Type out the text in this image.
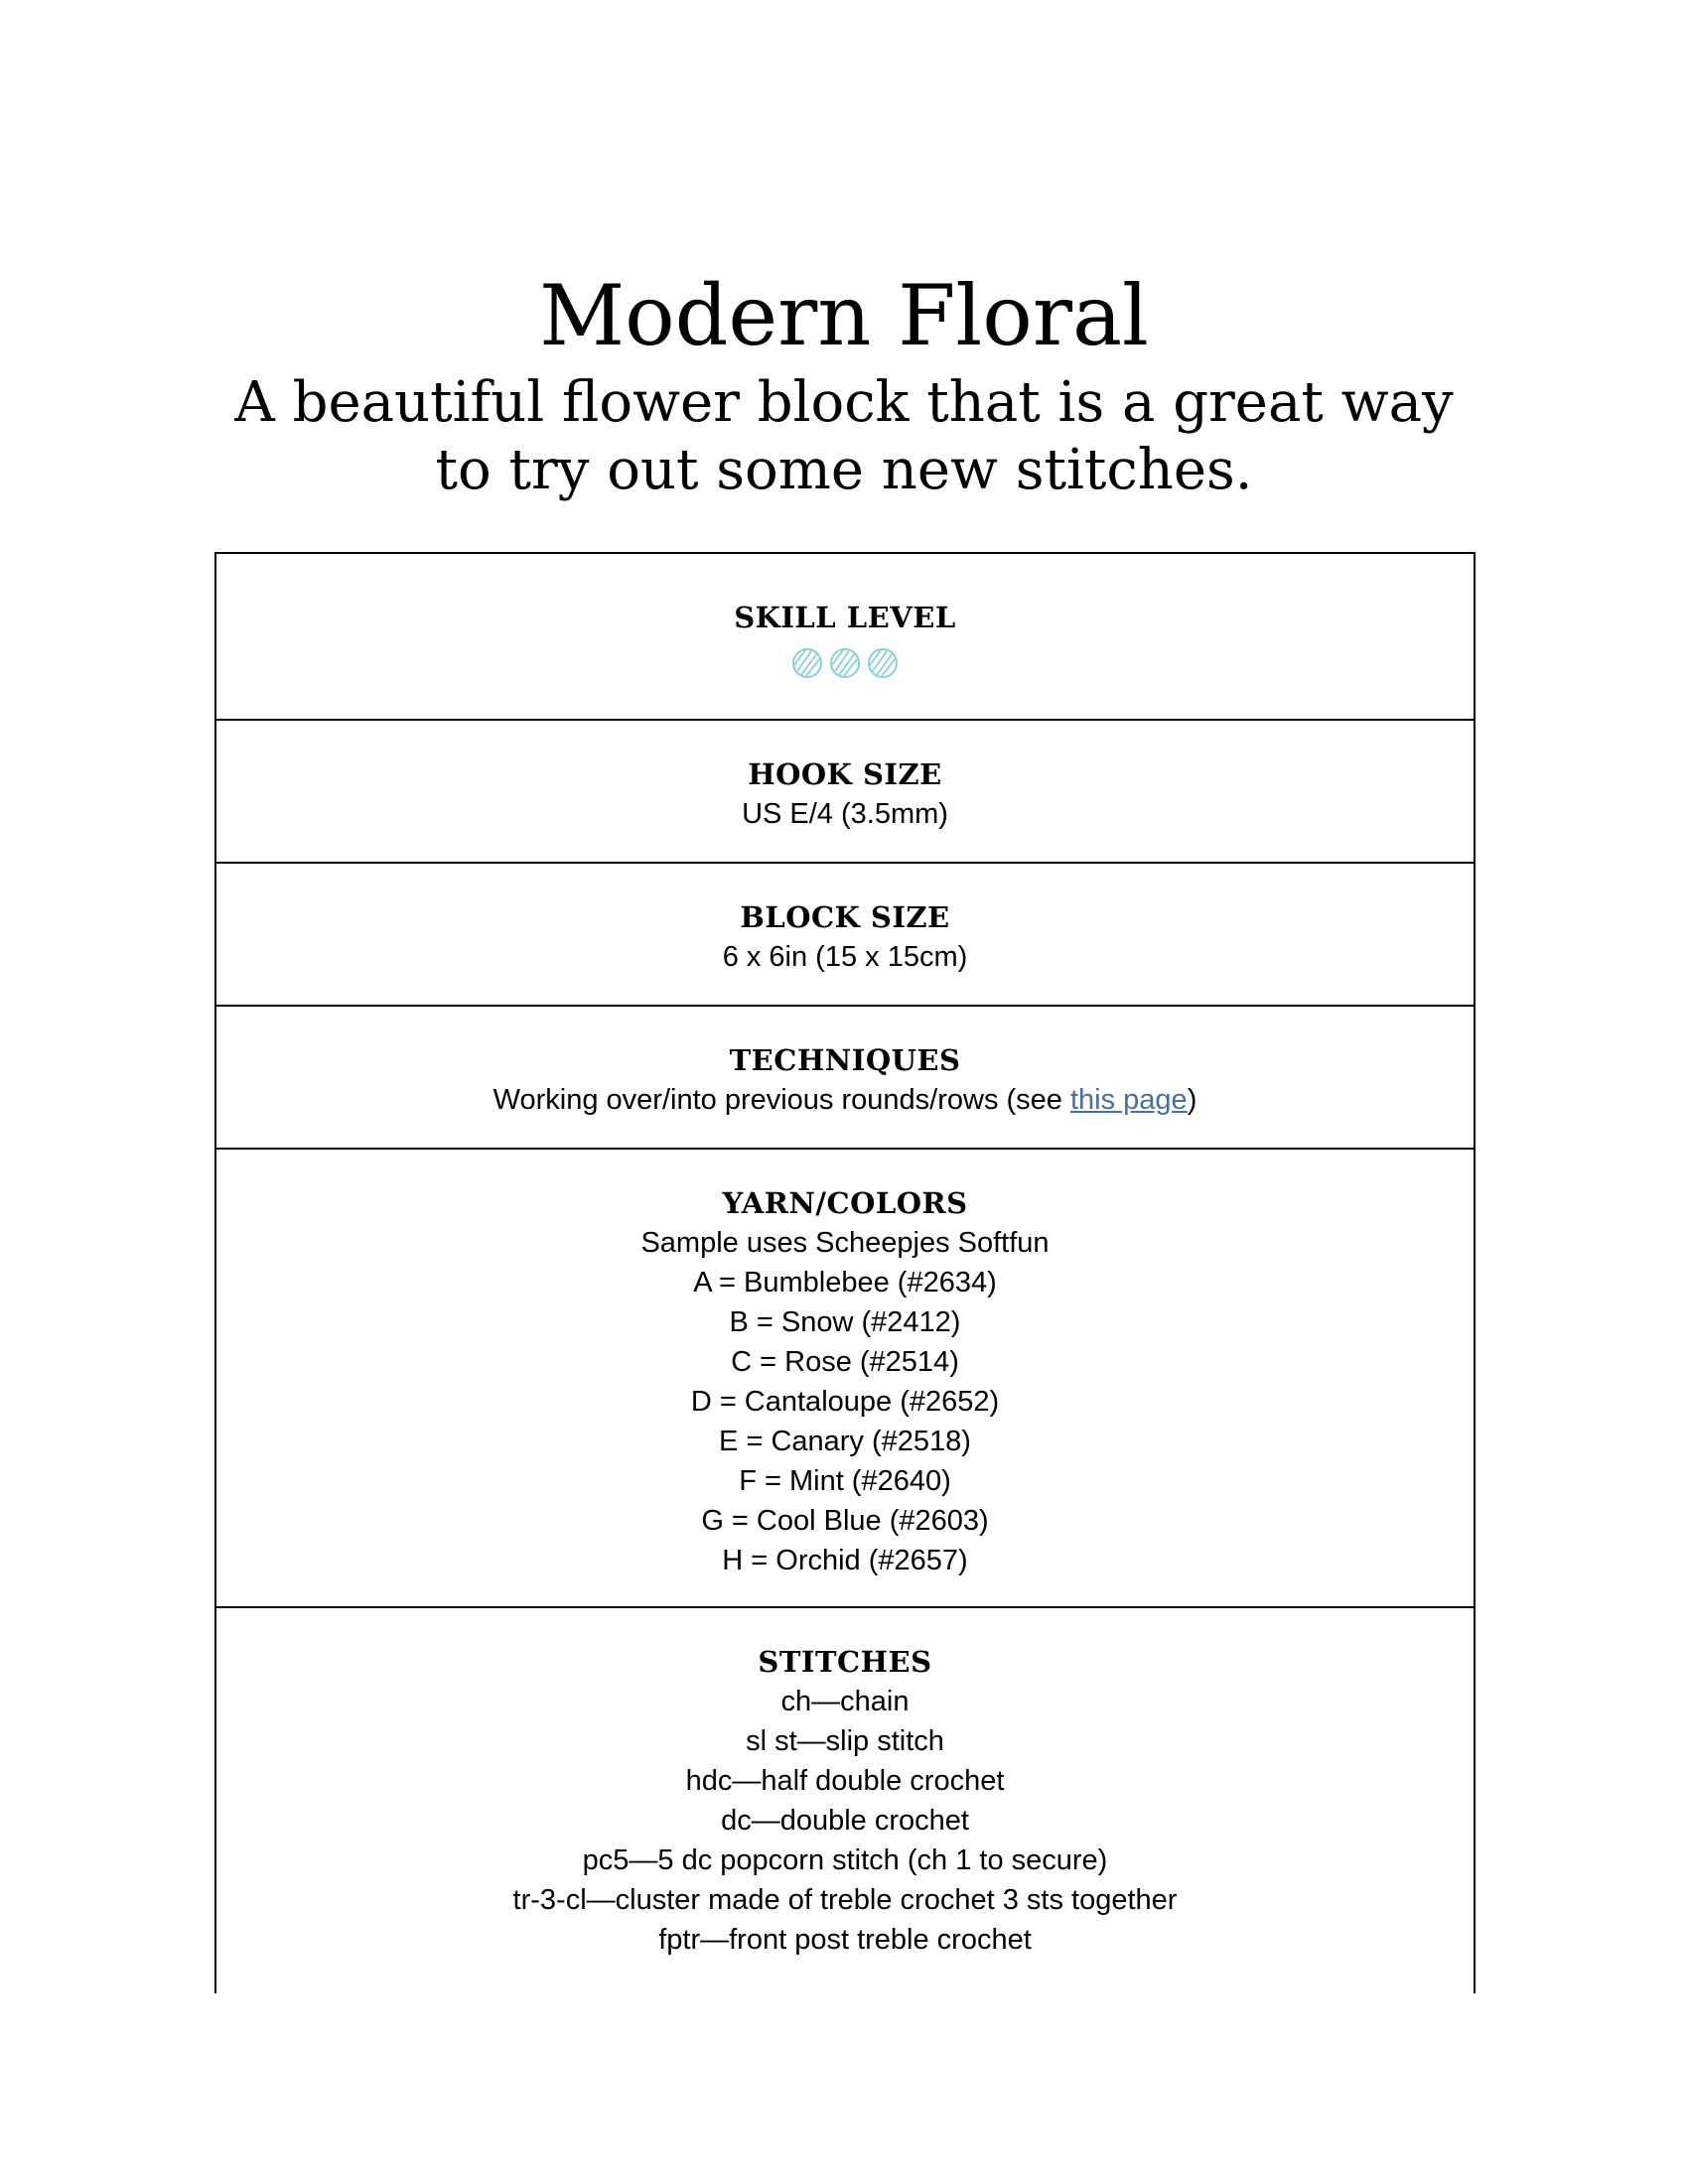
Modern Floral
A beautiful flower block that is a great way to try out some new stitches.
SKILL LEVEL
HOOK SIZE
US E/4 (3.5mm)
BLOCK SIZE
6 x 6in (15 x 15cm)
TECHNIQUES
Working over/into previous rounds/rows (see this page)
YARN/COLORS
Sample uses Scheepjes Softfun
A = Bumblebee (#2634)
B = Snow (#2412)
C = Rose (#2514)
D = Cantaloupe (#2652)
E = Canary (#2518)
F = Mint (#2640)
G = Cool Blue (#2603)
H = Orchid (#2657)
STITCHES
ch—chain
sl st—slip stitch
hdc—half double crochet
dc—double crochet
pc5—5 dc popcorn stitch (ch 1 to secure)
tr-3-cl—cluster made of treble crochet 3 sts together
fptr—front post treble crochet
